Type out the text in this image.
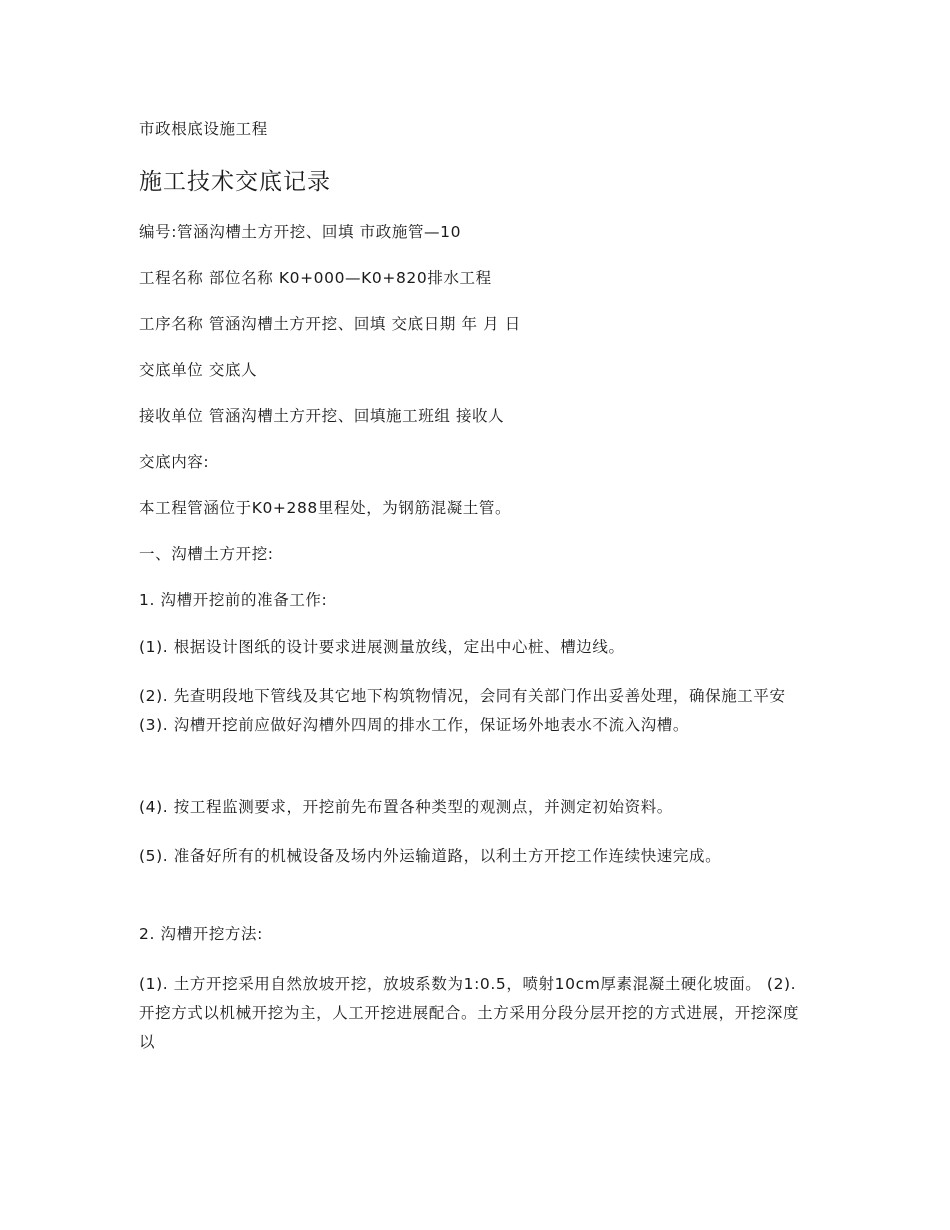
市政根底设施工程

施工技术交底记录

编号:管涵沟槽土方开挖、回填 市政施管—10

工程名称 部位名称 K0+000—K0+820排水工程

工序名称 管涵沟槽土方开挖、回填 交底日期 年 月 日

交底单位 交底人

接收单位 管涵沟槽土方开挖、回填施工班组 接收人

交底内容:

本工程管涵位于K0+288里程处，为钢筋混凝土管。

一、沟槽土方开挖:

1. 沟槽开挖前的准备工作:

(1). 根据设计图纸的设计要求进展测量放线，定出中心桩、槽边线。

(2). 先查明段地下管线及其它地下构筑物情况，会同有关部门作出妥善处理，确保施工平安 (3). 沟槽开挖前应做好沟槽外四周的排水工作，保证场外地表水不流入沟槽。

(4). 按工程监测要求，开挖前先布置各种类型的观测点，并测定初始资料。

(5). 准备好所有的机械设备及场内外运输道路，以利土方开挖工作连续快速完成。

2. 沟槽开挖方法:

(1). 土方开挖采用自然放坡开挖，放坡系数为1:0.5，喷射10cm厚素混凝土硬化坡面。 (2). 开挖方式以机械开挖为主，人工开挖进展配合。土方采用分段分层开挖的方式进展，开挖深度以
